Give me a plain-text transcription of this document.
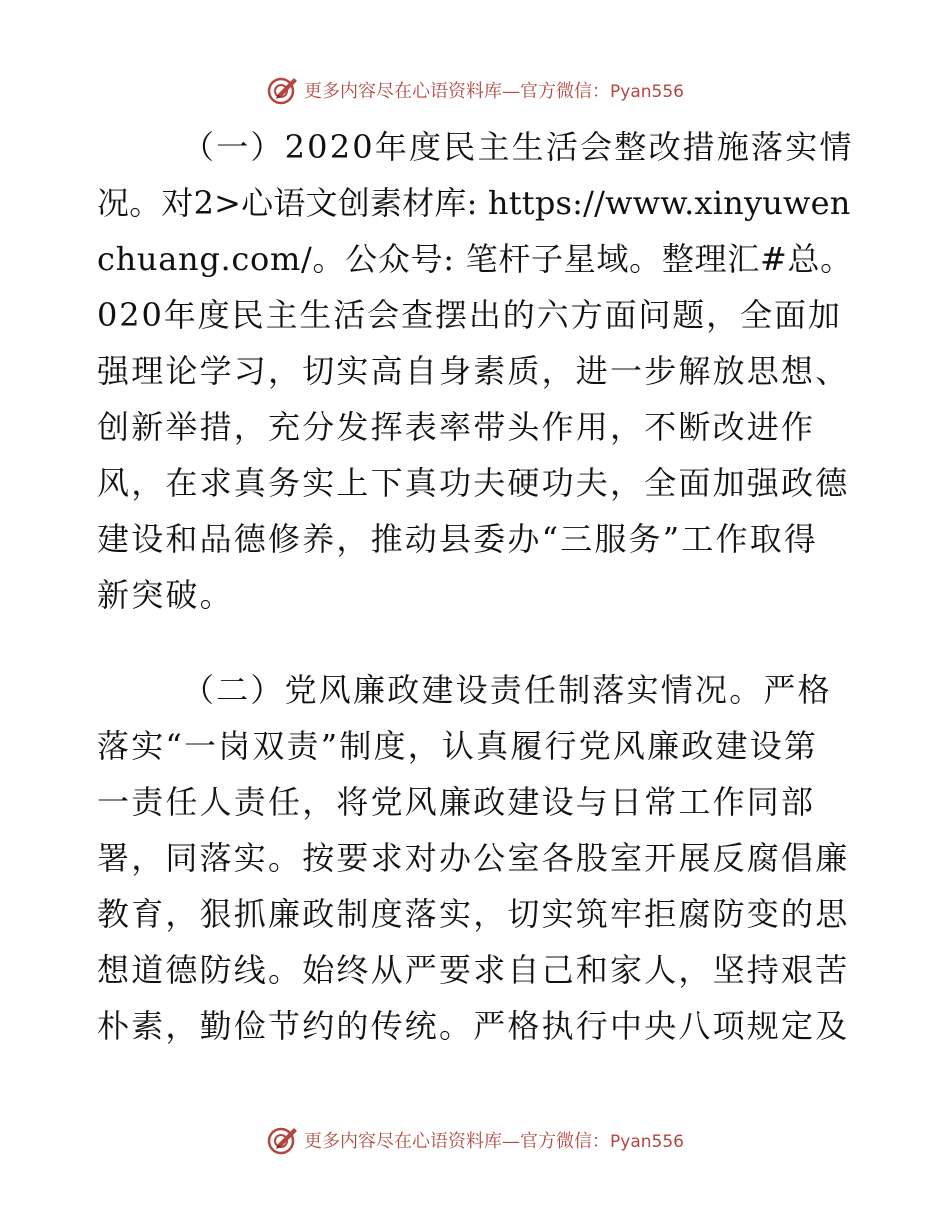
更多内容尽在心语资料库—官方微信：Pyan556
（一）2020年度民主生活会整改措施落实情
况。对2>心语文创素材库: https://www.xinyuwen
chuang.com/。公众号: 笔杆子星域。整理汇#总。
020年度民主生活会查摆出的六方面问题，全面加
强理论学习，切实高自身素质，进一步解放思想、
创新举措，充分发挥表率带头作用，不断改进作
风，在求真务实上下真功夫硬功夫，全面加强政德
建设和品德修养，推动县委办“三服务”工作取得
新突破。
（二）党风廉政建设责任制落实情况。严格
落实“一岗双责”制度，认真履行党风廉政建设第
一责任人责任，将党风廉政建设与日常工作同部
署，同落实。按要求对办公室各股室开展反腐倡廉
教育，狠抓廉政制度落实，切实筑牢拒腐防变的思
想道德防线。始终从严要求自己和家人，坚持艰苦
朴素，勤俭节约的传统。严格执行中央八项规定及
更多内容尽在心语资料库—官方微信：Pyan556
